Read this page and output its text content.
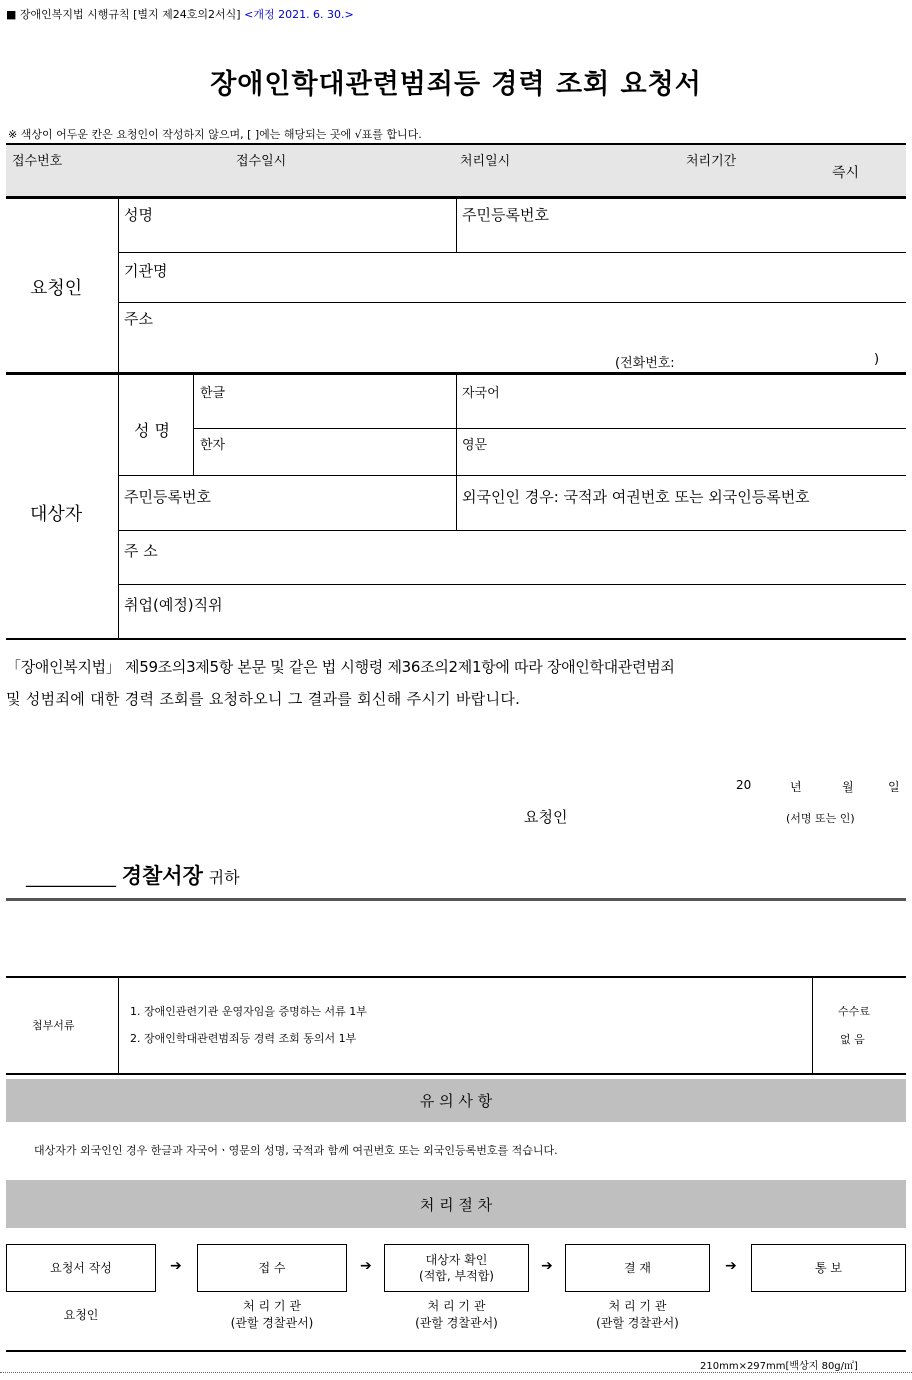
■ 장애인복지법 시행규칙 [별지 제24호의2서식] <개정 2021. 6. 30.>
장애인학대관련범죄등 경력 조회 요청서
※ 색상이 어두운 칸은 요청인이 작성하지 않으며, [ ]에는 해당되는 곳에 √표를 합니다.
접수번호	접수일시	처리일시	처리기간
즉시
요청인
성명	주민등록번호
기관명
주소
(전화번호:	)
대상자
성 명
한글	자국어
한자	영문
주민등록번호	외국인인 경우: 국적과 여권번호 또는 외국인등록번호
주 소
취업(예정)직위
「장애인복지법」 제59조의3제5항 본문 및 같은 법 시행령 제36조의2제1항에 따라 장애인학대관련범죄
및 성범죄에 대한 경력 조회를 요청하오니 그 결과를 회신해 주시기 바랍니다.
20	년	월	일
요청인	(서명 또는 인)
__________ 경찰서장 귀하
첨부서류
1. 장애인관련기관 운영자임을 증명하는 서류 1부
2. 장애인학대관련범죄등 경력 조회 동의서 1부
수수료
없 음
유 의 사 항
대상자가 외국인인 경우 한글과 자국어ㆍ영문의 성명, 국적과 함께 여권번호 또는 외국인등록번호를 적습니다.
처 리 절 차
요청서 작성	➔	접 수	➔	대상자 확인
(적합, 부적합)
➔	결 재	➔	통 보
요청인
처 리 기 관
(관할 경찰관서)
처 리 기 관
(관할 경찰관서)
처 리 기 관
(관할 경찰관서)
210mm×297mm[백상지 80g/㎡]
